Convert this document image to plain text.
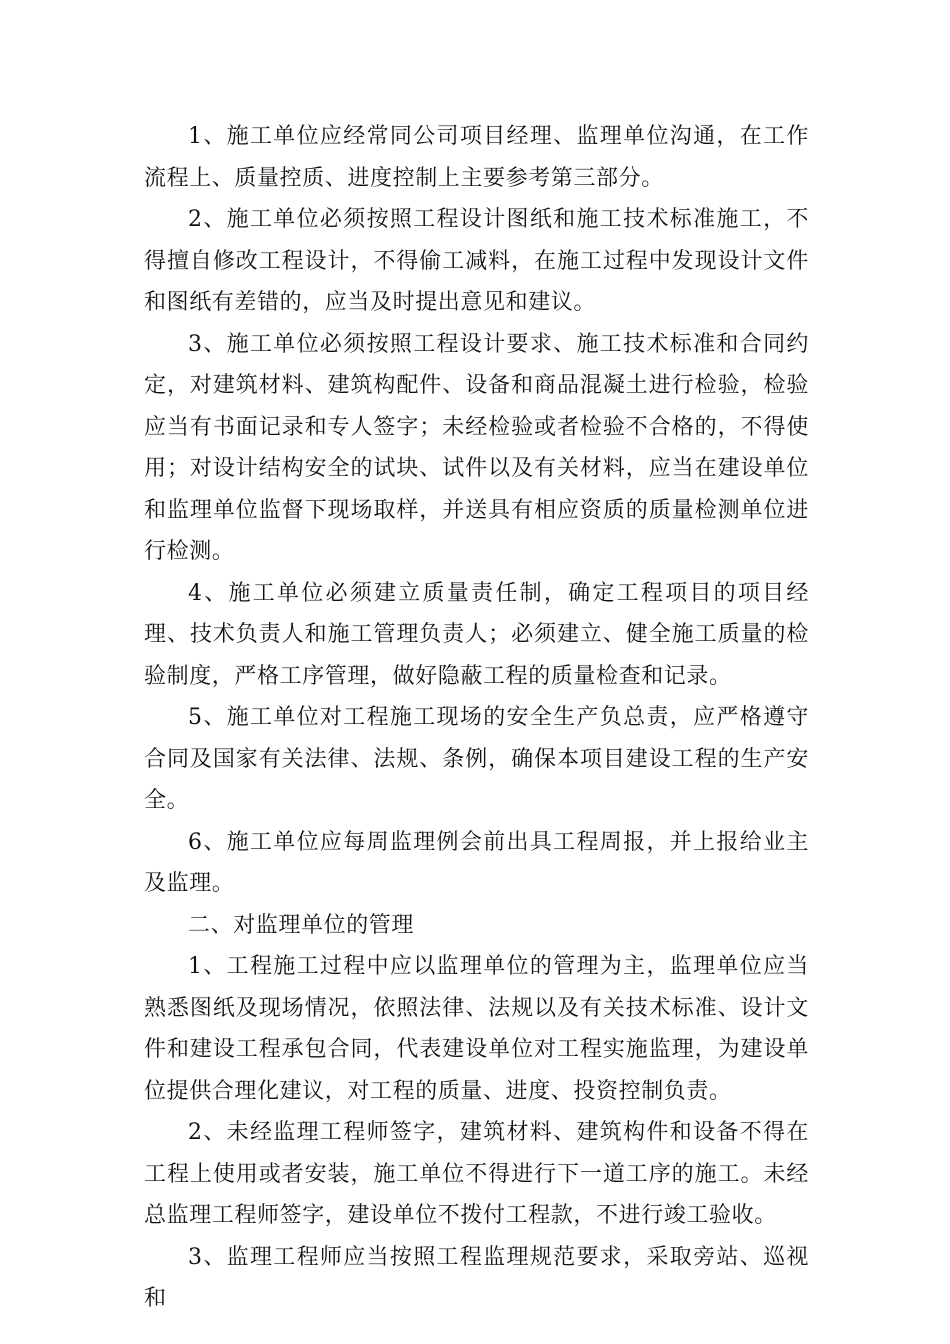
1、施工单位应经常同公司项目经理、监理单位沟通，在工作流程上、质量控质、进度控制上主要参考第三部分。

2、施工单位必须按照工程设计图纸和施工技术标准施工，不得擅自修改工程设计，不得偷工减料，在施工过程中发现设计文件和图纸有差错的，应当及时提出意见和建议。

3、施工单位必须按照工程设计要求、施工技术标准和合同约定，对建筑材料、建筑构配件、设备和商品混凝土进行检验，检验应当有书面记录和专人签字；未经检验或者检验不合格的，不得使用；对设计结构安全的试块、试件以及有关材料，应当在建设单位和监理单位监督下现场取样，并送具有相应资质的质量检测单位进行检测。

4、施工单位必须建立质量责任制，确定工程项目的项目经理、技术负责人和施工管理负责人；必须建立、健全施工质量的检验制度，严格工序管理，做好隐蔽工程的质量检查和记录。

5、施工单位对工程施工现场的安全生产负总责，应严格遵守合同及国家有关法律、法规、条例，确保本项目建设工程的生产安全。

6、施工单位应每周监理例会前出具工程周报，并上报给业主及监理。

二、对监理单位的管理

1、工程施工过程中应以监理单位的管理为主，监理单位应当熟悉图纸及现场情况，依照法律、法规以及有关技术标准、设计文件和建设工程承包合同，代表建设单位对工程实施监理，为建设单位提供合理化建议，对工程的质量、进度、投资控制负责。

2、未经监理工程师签字，建筑材料、建筑构件和设备不得在工程上使用或者安装，施工单位不得进行下一道工序的施工。未经总监理工程师签字，建设单位不拨付工程款，不进行竣工验收。

3、监理工程师应当按照工程监理规范要求，采取旁站、巡视和
